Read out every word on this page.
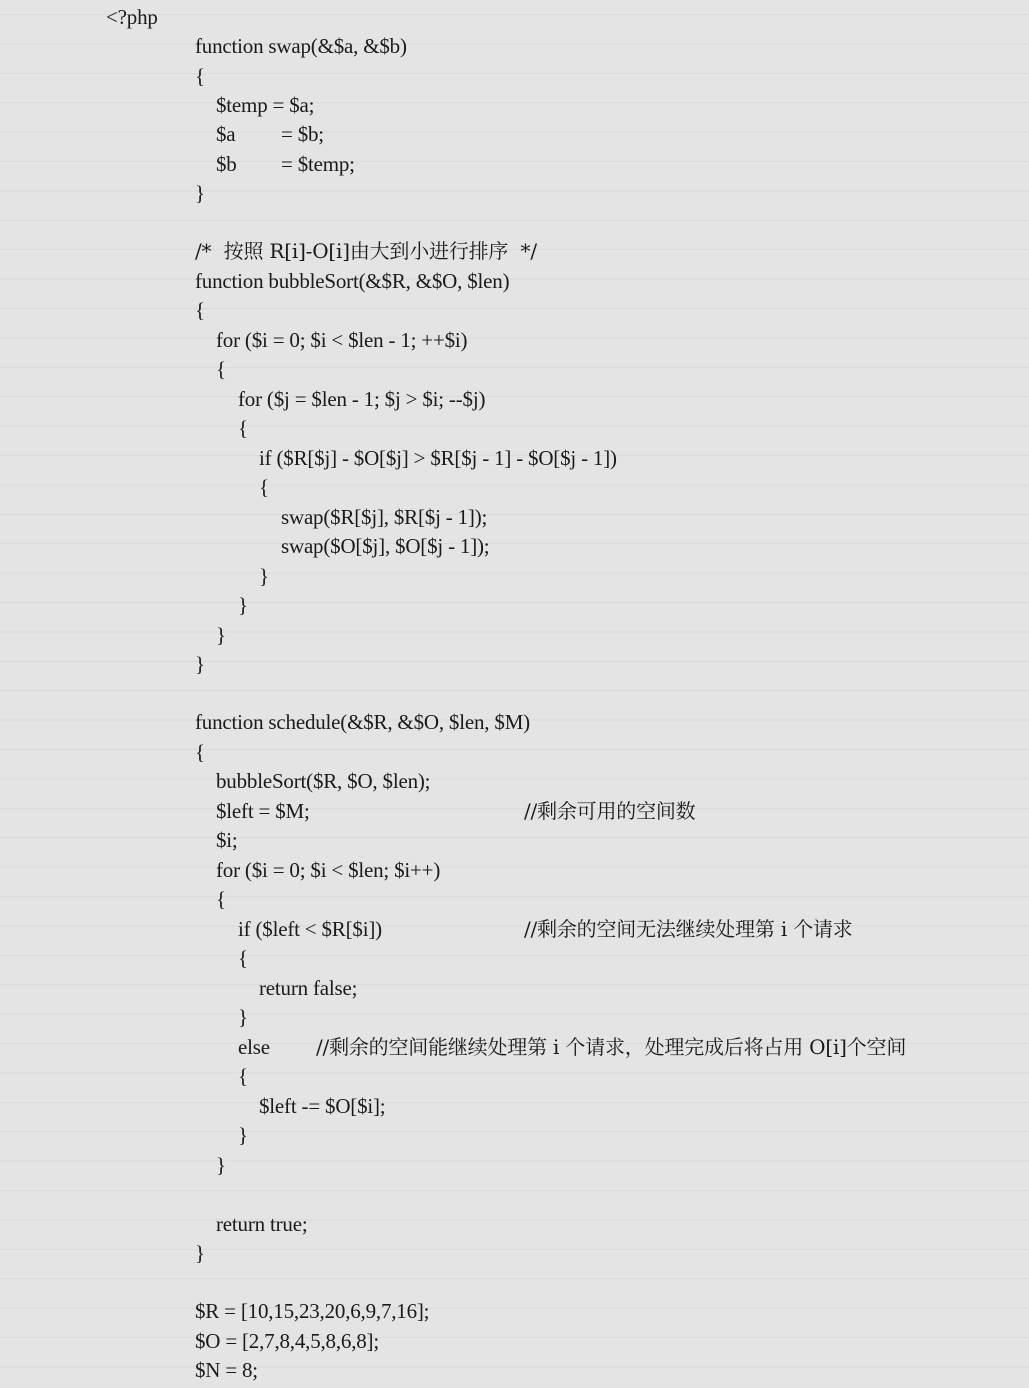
<?php
function swap(&$a, &$b)
{
$temp = $a;
$a = $b;
$b = $temp;
}
/*  按照 R[i]-O[i]由大到小进行排序  */
function bubbleSort(&$R, &$O, $len)
{
for ($i = 0; $i < $len - 1; ++$i)
{
for ($j = $len - 1; $j > $i; --$j)
{
if ($R[$j] - $O[$j] > $R[$j - 1] - $O[$j - 1])
{
swap($R[$j], $R[$j - 1]);
swap($O[$j], $O[$j - 1]);
}
}
}
}
function schedule(&$R, &$O, $len, $M)
{
bubbleSort($R, $O, $len);
$left = $M;	//剩余可用的空间数
$i;
for ($i = 0; $i < $len; $i++)
{
if ($left < $R[$i])	//剩余的空间无法继续处理第 i 个请求
{
return false;
}
else //剩余的空间能继续处理第 i 个请求，处理完成后将占用 O[i]个空间
{
$left -= $O[$i];
}
}
return true;
}
$R = [10,15,23,20,6,9,7,16];
$O = [2,7,8,4,5,8,6,8];
$N = 8;
